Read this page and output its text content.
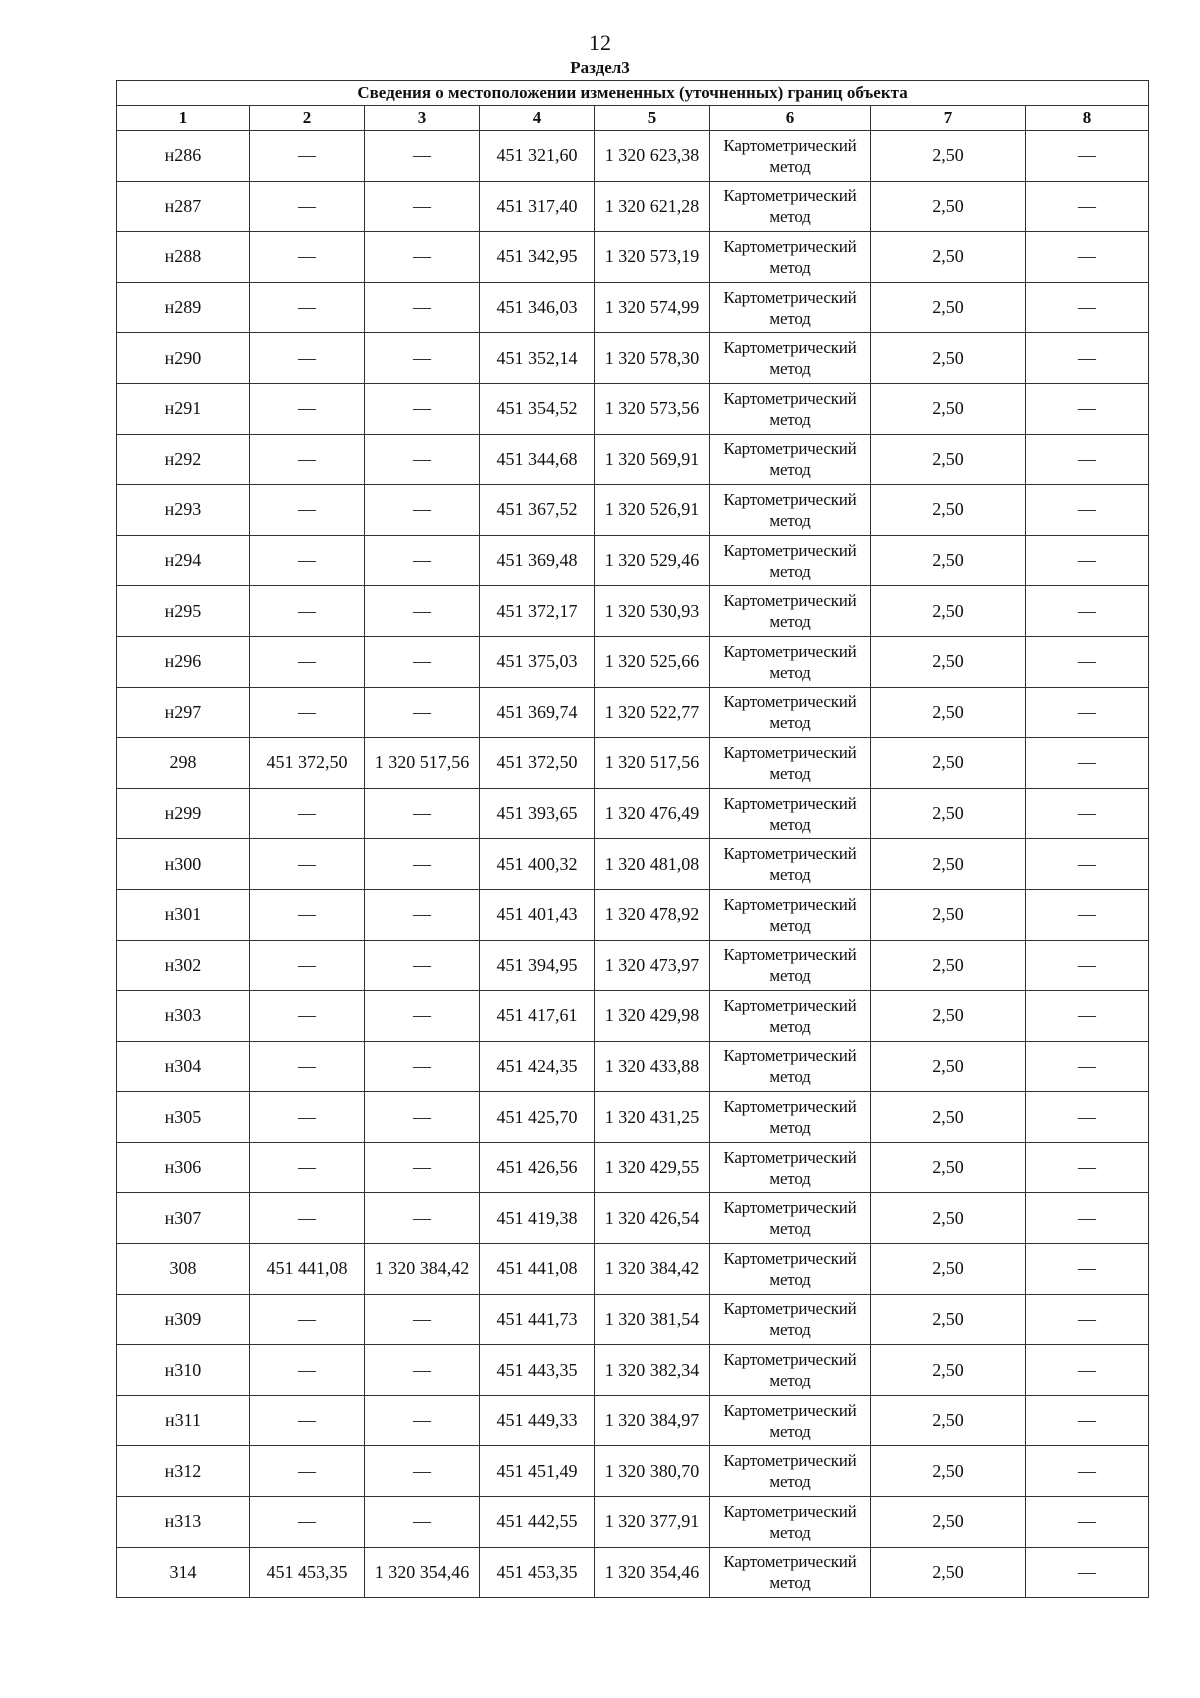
12
Раздел3
Сведения о местоположении измененных (уточненных) границ объекта							
1	2	3	4	5	6	7	8
н286	—	—	451 321,60	1 320 623,38	Картометрический метод	2,50	—
н287	—	—	451 317,40	1 320 621,28	Картометрический метод	2,50	—
н288	—	—	451 342,95	1 320 573,19	Картометрический метод	2,50	—
н289	—	—	451 346,03	1 320 574,99	Картометрический метод	2,50	—
н290	—	—	451 352,14	1 320 578,30	Картометрический метод	2,50	—
н291	—	—	451 354,52	1 320 573,56	Картометрический метод	2,50	—
н292	—	—	451 344,68	1 320 569,91	Картометрический метод	2,50	—
н293	—	—	451 367,52	1 320 526,91	Картометрический метод	2,50	—
н294	—	—	451 369,48	1 320 529,46	Картометрический метод	2,50	—
н295	—	—	451 372,17	1 320 530,93	Картометрический метод	2,50	—
н296	—	—	451 375,03	1 320 525,66	Картометрический метод	2,50	—
н297	—	—	451 369,74	1 320 522,77	Картометрический метод	2,50	—
298	451 372,50	1 320 517,56	451 372,50	1 320 517,56	Картометрический метод	2,50	—
н299	—	—	451 393,65	1 320 476,49	Картометрический метод	2,50	—
н300	—	—	451 400,32	1 320 481,08	Картометрический метод	2,50	—
н301	—	—	451 401,43	1 320 478,92	Картометрический метод	2,50	—
н302	—	—	451 394,95	1 320 473,97	Картометрический метод	2,50	—
н303	—	—	451 417,61	1 320 429,98	Картометрический метод	2,50	—
н304	—	—	451 424,35	1 320 433,88	Картометрический метод	2,50	—
н305	—	—	451 425,70	1 320 431,25	Картометрический метод	2,50	—
н306	—	—	451 426,56	1 320 429,55	Картометрический метод	2,50	—
н307	—	—	451 419,38	1 320 426,54	Картометрический метод	2,50	—
308	451 441,08	1 320 384,42	451 441,08	1 320 384,42	Картометрический метод	2,50	—
н309	—	—	451 441,73	1 320 381,54	Картометрический метод	2,50	—
н310	—	—	451 443,35	1 320 382,34	Картометрический метод	2,50	—
н311	—	—	451 449,33	1 320 384,97	Картометрический метод	2,50	—
н312	—	—	451 451,49	1 320 380,70	Картометрический метод	2,50	—
н313	—	—	451 442,55	1 320 377,91	Картометрический метод	2,50	—
314	451 453,35	1 320 354,46	451 453,35	1 320 354,46	Картометрический метод	2,50	—
